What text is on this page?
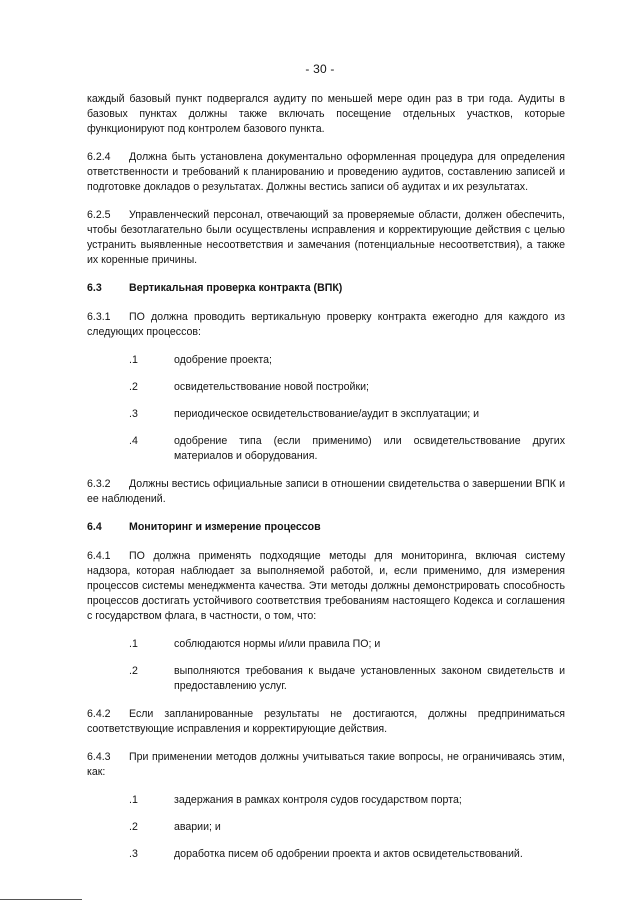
- 30 -
каждый базовый пункт подвергался аудиту по меньшей мере один раз в три года. Аудиты в базовых пунктах должны также включать посещение отдельных участков, которые функционируют под контролем базового пункта.
6.2.4 Должна быть установлена документально оформленная процедура для определения ответственности и требований к планированию и проведению аудитов, составлению записей и подготовке докладов о результатах. Должны вестись записи об аудитах и их результатах.
6.2.5 Управленческий персонал, отвечающий за проверяемые области, должен обеспечить, чтобы безотлагательно были осуществлены исправления и корректирующие действия с целью устранить выявленные несоответствия и замечания (потенциальные несоответствия), а также их коренные причины.
6.3	Вертикальная проверка контракта (ВПК)
6.3.1 ПО должна проводить вертикальную проверку контракта ежегодно для каждого из следующих процессов:
.1	одобрение проекта;
.2	освидетельствование новой постройки;
.3	периодическое освидетельствование/аудит в эксплуатации; и
.4	одобрение типа (если применимо) или освидетельствование других материалов и оборудования.
6.3.2 Должны вестись официальные записи в отношении свидетельства о завершении ВПК и ее наблюдений.
6.4	Мониторинг и измерение процессов
6.4.1 ПО должна применять подходящие методы для мониторинга, включая систему надзора, которая наблюдает за выполняемой работой, и, если применимо, для измерения процессов системы менеджмента качества. Эти методы должны демонстрировать способность процессов достигать устойчивого соответствия требованиям настоящего Кодекса и соглашения с государством флага, в частности, о том, что:
.1	соблюдаются нормы и/или правила ПО; и
.2	выполняются требования к выдаче установленных законом свидетельств и предоставлению услуг.
6.4.2 Если запланированные результаты не достигаются, должны предприниматься соответствующие исправления и корректирующие действия.
6.4.3 При применении методов должны учитываться такие вопросы, не ограничиваясь этим, как:
.1	задержания в рамках контроля судов государством порта;
.2	аварии; и
.3	доработка писем об одобрении проекта и актов освидетельствований.
